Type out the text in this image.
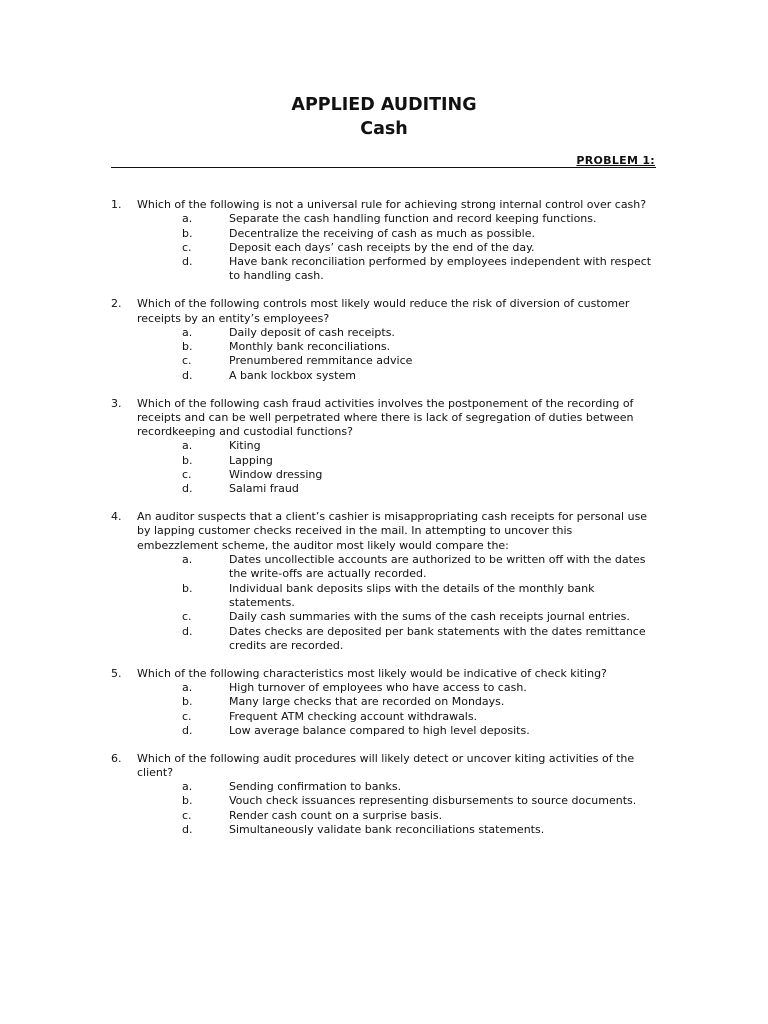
APPLIED AUDITING
Cash
PROBLEM 1:
1. Which of the following is not a universal rule for achieving strong internal control over cash?
a.	Separate the cash handling function and record keeping functions.
b.	Decentralize the receiving of cash as much as possible.
c.	Deposit each days’ cash receipts by the end of the day.
d.	Have bank reconciliation performed by employees independent with respect to handling cash.
2. Which of the following controls most likely would reduce the risk of diversion of customer receipts by an entity’s employees?
a.	Daily deposit of cash receipts.
b.	Monthly bank reconciliations.
c.	Prenumbered remmitance advice
d.	A bank lockbox system
3. Which of the following cash fraud activities involves the postponement of the recording of receipts and can be well perpetrated where there is lack of segregation of duties between recordkeeping and custodial functions?
a.	Kiting
b.	Lapping
c.	Window dressing
d.	Salami fraud
4. An auditor suspects that a client’s cashier is misappropriating cash receipts for personal use by lapping customer checks received in the mail. In attempting to uncover this embezzlement scheme, the auditor most likely would compare the:
a.	Dates uncollectible accounts are authorized to be written off with the dates the write-offs are actually recorded.
b.	Individual bank deposits slips with the details of the monthly bank statements.
c.	Daily cash summaries with the sums of the cash receipts journal entries.
d.	Dates checks are deposited per bank statements with the dates remittance credits are recorded.
5. Which of the following characteristics most likely would be indicative of check kiting?
a.	High turnover of employees who have access to cash.
b.	Many large checks that are recorded on Mondays.
c.	Frequent ATM checking account withdrawals.
d.	Low average balance compared to high level deposits.
6. Which of the following audit procedures will likely detect or uncover kiting activities of the client?
a.	Sending confirmation to banks.
b.	Vouch check issuances representing disbursements to source documents.
c.	Render cash count on a surprise basis.
d.	Simultaneously validate bank reconciliations statements.
